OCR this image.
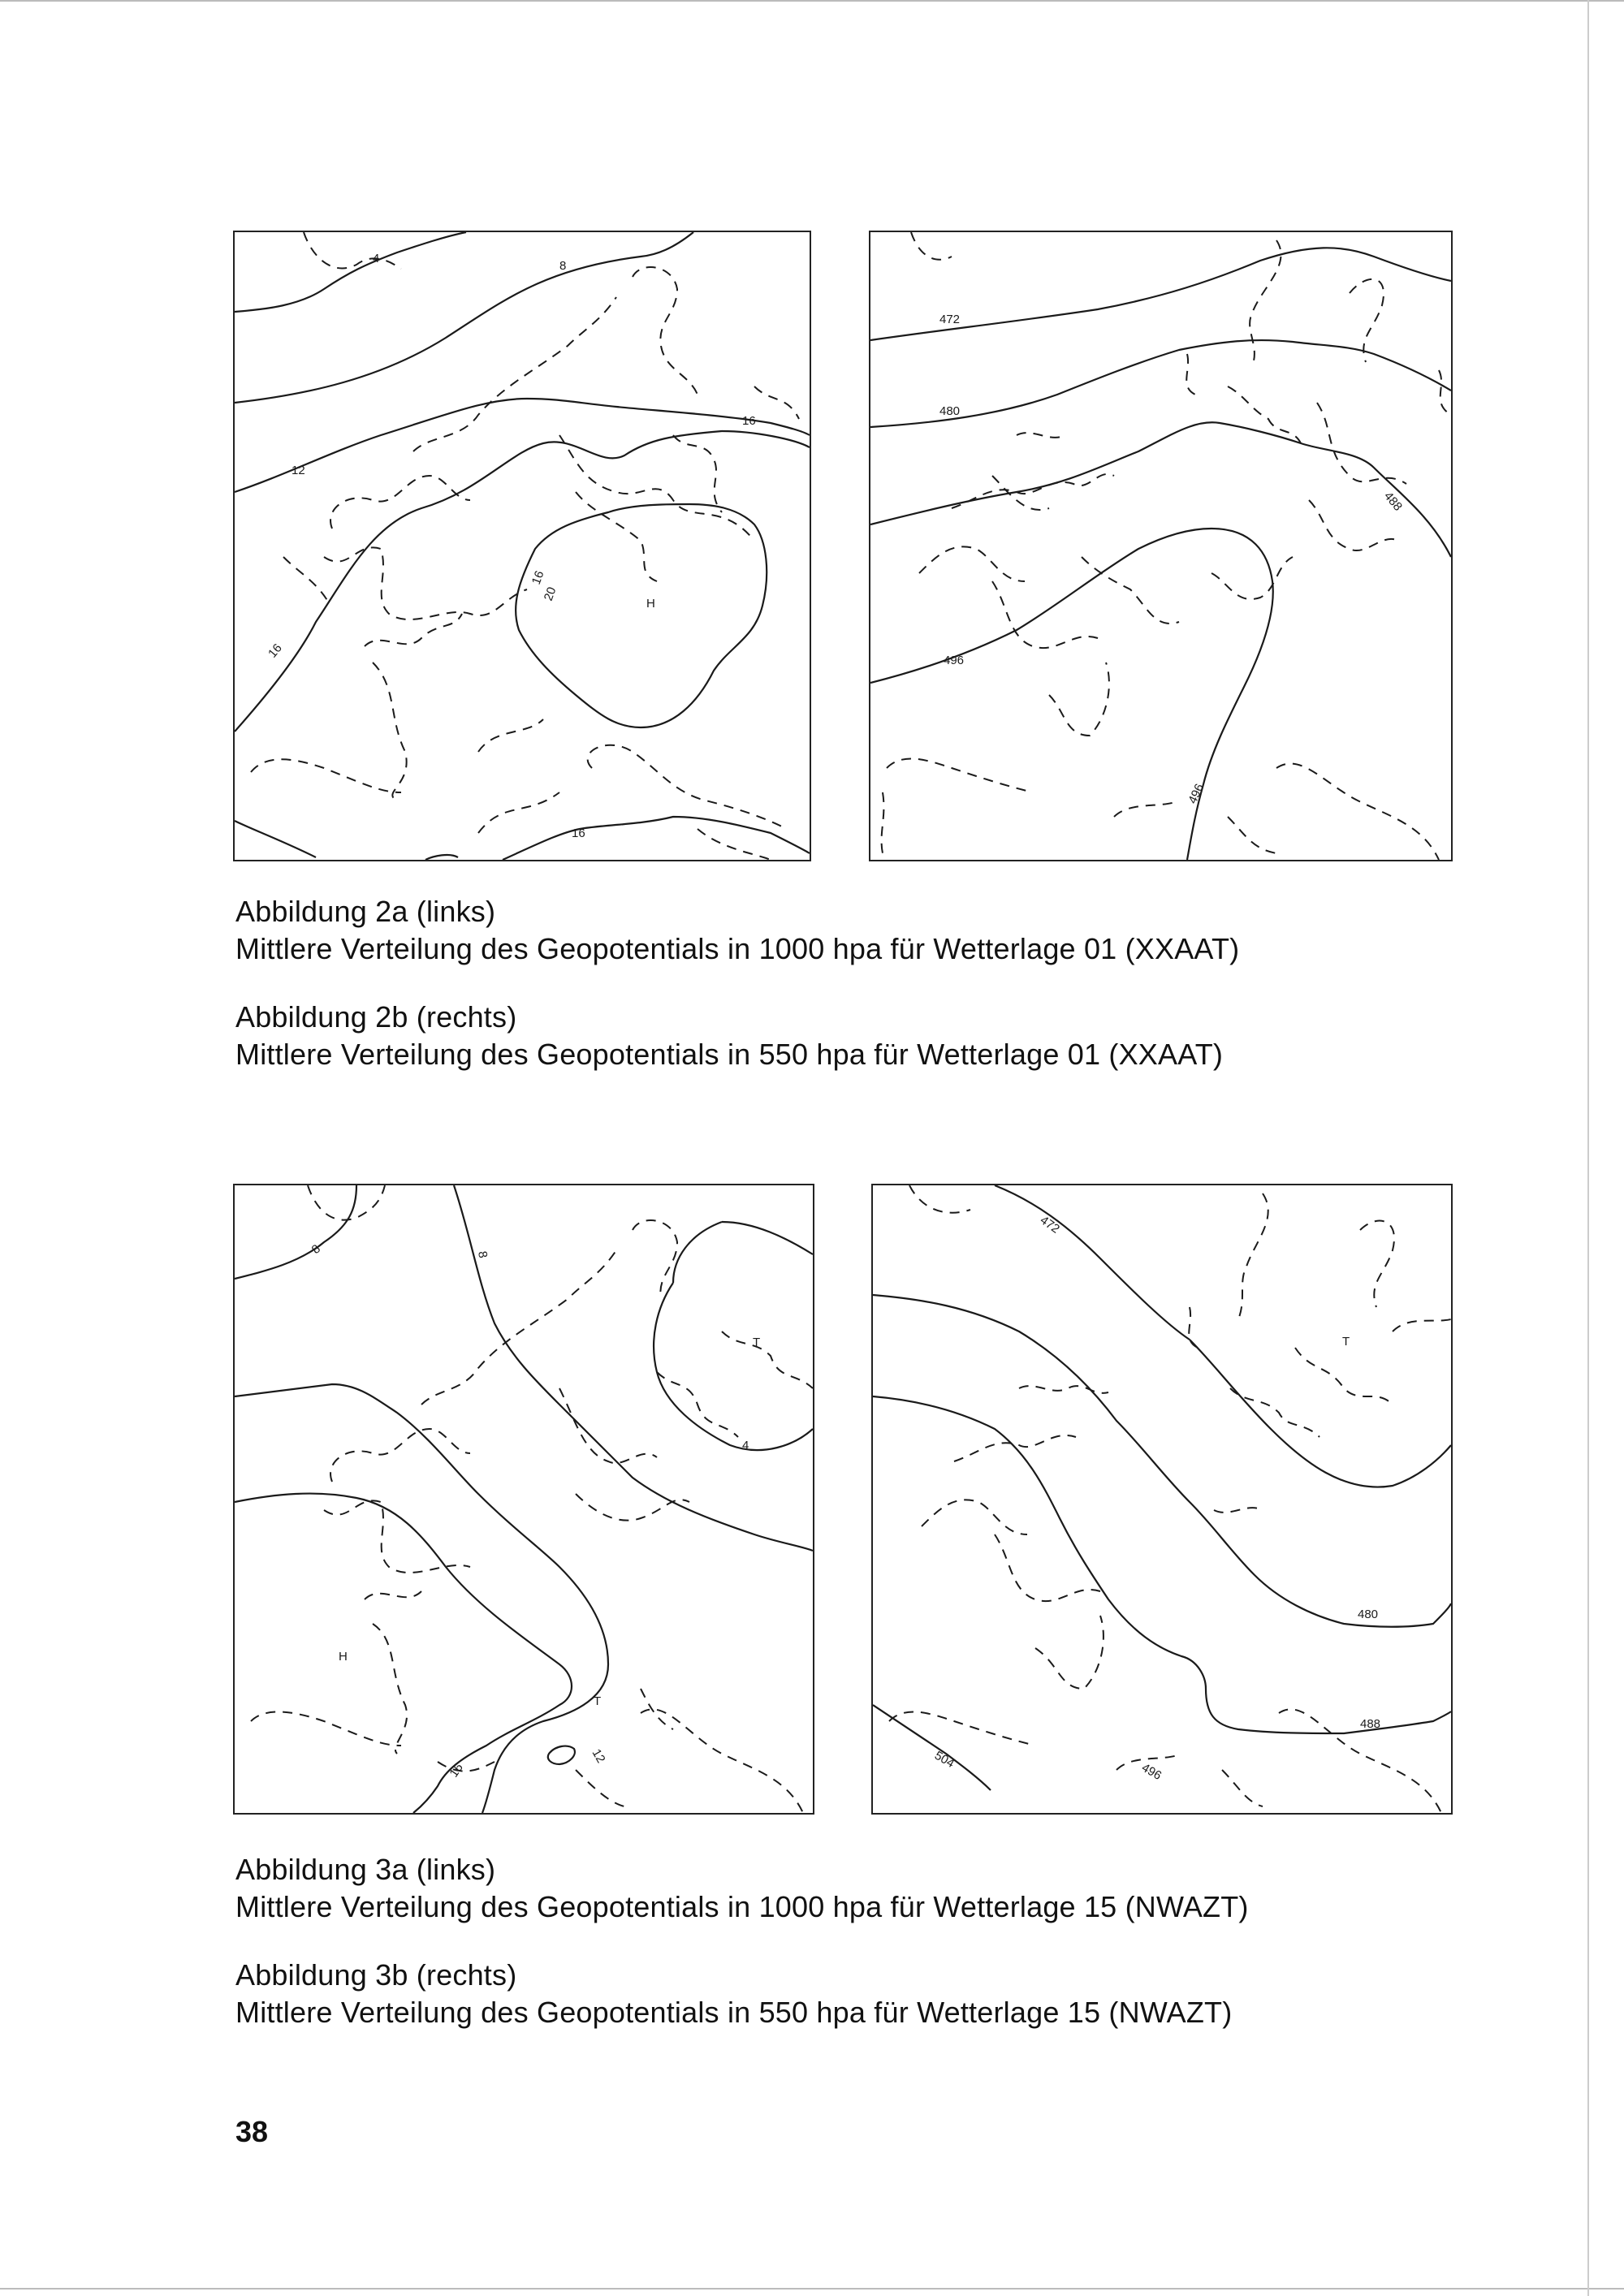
4
8
12
16
16
16
16
20
H
472
480
488
496
496

Abbildung 2a (links)

Mittlere Verteilung des Geopotentials in 1000 hpa für Wetterlage 01 (XXAAT)

Abbildung 2b (rechts)

Mittlere Verteilung des Geopotentials in 550 hpa für Wetterlage 01 (XXAAT)

8	8
4
16
12
H
T
T
472
480
488
496
504
T

Abbildung 3a (links)

Mittlere Verteilung des Geopotentials in 1000 hpa für Wetterlage 15 (NWAZT)

Abbildung 3b (rechts)

Mittlere Verteilung des Geopotentials in 550 hpa für Wetterlage 15 (NWAZT)

38
